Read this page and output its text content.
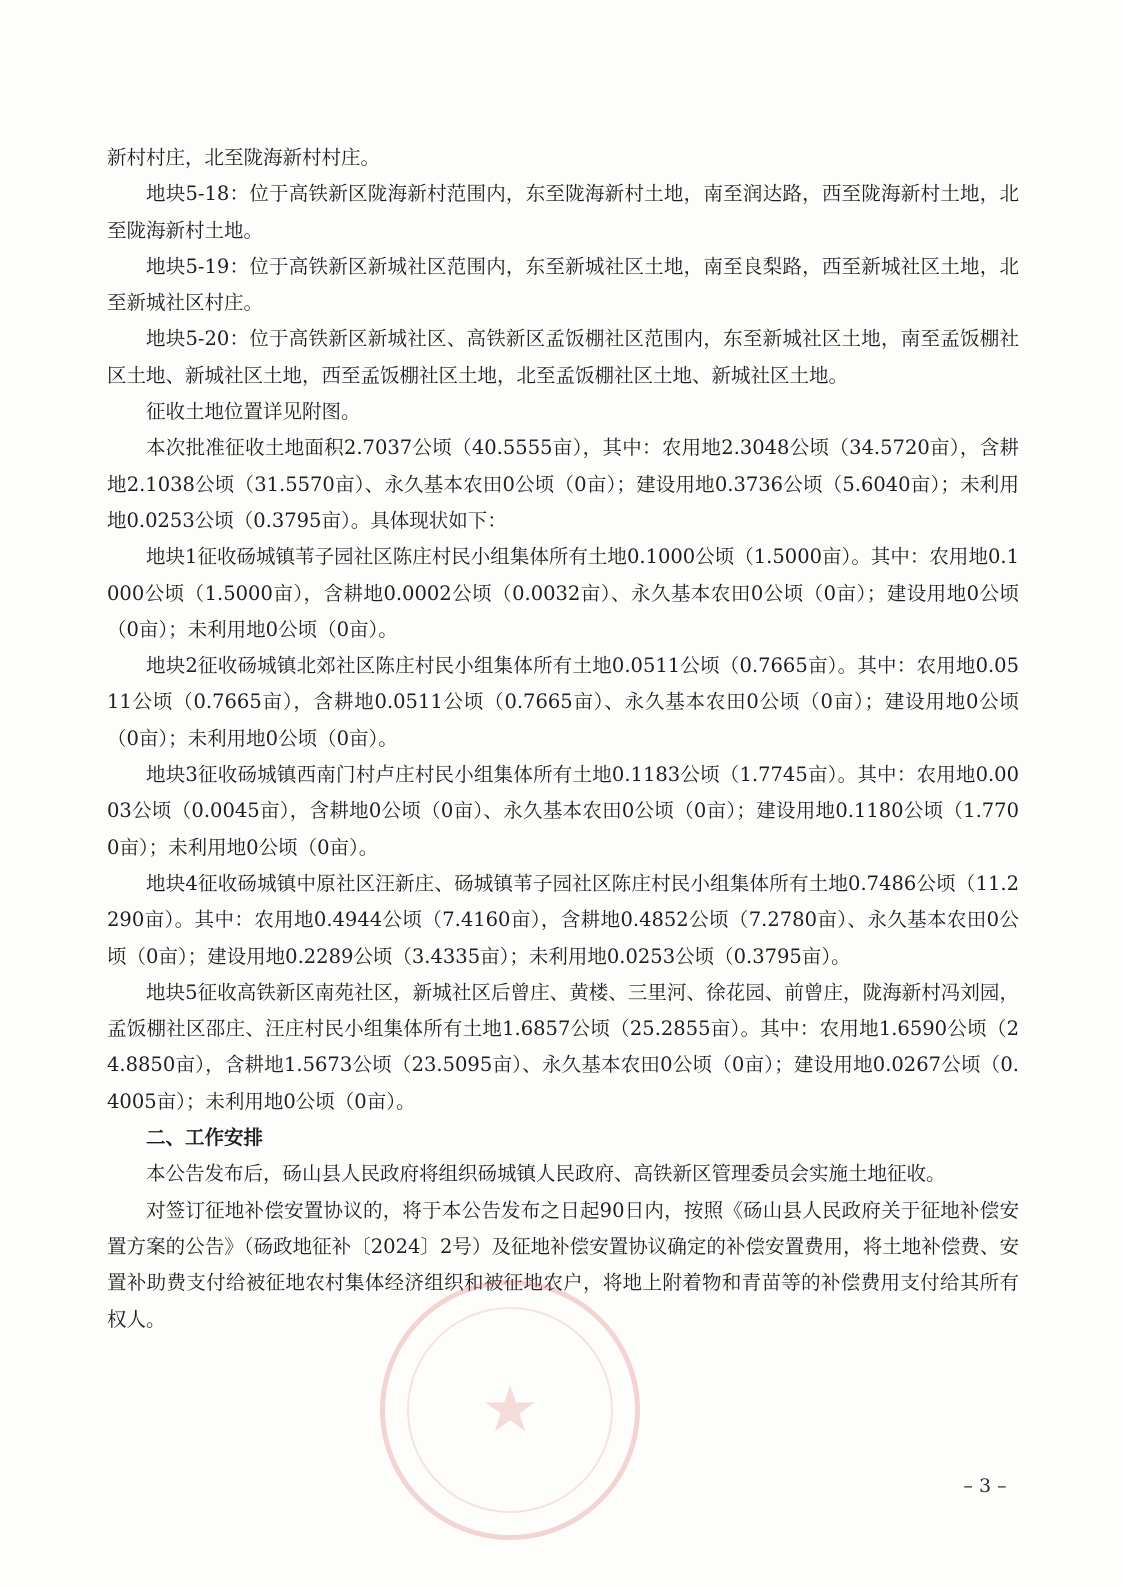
新村村庄，北至陇海新村村庄。

地块5-18：位于高铁新区陇海新村范围内，东至陇海新村土地，南至润达路，西至陇海新村土地，北至陇海新村土地。

地块5-19：位于高铁新区新城社区范围内，东至新城社区土地，南至良梨路，西至新城社区土地，北至新城社区村庄。

地块5-20：位于高铁新区新城社区、高铁新区孟饭棚社区范围内，东至新城社区土地，南至孟饭棚社区土地、新城社区土地，西至孟饭棚社区土地，北至孟饭棚社区土地、新城社区土地。

征收土地位置详见附图。

本次批准征收土地面积2.7037公顷（40.5555亩），其中：农用地2.3048公顷（34.5720亩），含耕地2.1038公顷（31.5570亩）、永久基本农田0公顷（0亩）；建设用地0.3736公顷（5.6040亩）；未利用地0.0253公顷（0.3795亩）。具体现状如下：

地块1征收砀城镇苇子园社区陈庄村民小组集体所有土地0.1000公顷（1.5000亩）。其中：农用地0.1000公顷（1.5000亩），含耕地0.0002公顷（0.0032亩）、永久基本农田0公顷（0亩）；建设用地0公顷（0亩）；未利用地0公顷（0亩）。

地块2征收砀城镇北郊社区陈庄村民小组集体所有土地0.0511公顷（0.7665亩）。其中：农用地0.0511公顷（0.7665亩），含耕地0.0511公顷（0.7665亩）、永久基本农田0公顷（0亩）；建设用地0公顷（0亩）；未利用地0公顷（0亩）。

地块3征收砀城镇西南门村卢庄村民小组集体所有土地0.1183公顷（1.7745亩）。其中：农用地0.0003公顷（0.0045亩），含耕地0公顷（0亩）、永久基本农田0公顷（0亩）；建设用地0.1180公顷（1.7700亩）；未利用地0公顷（0亩）。

地块4征收砀城镇中原社区汪新庄、砀城镇苇子园社区陈庄村民小组集体所有土地0.7486公顷（11.2290亩）。其中：农用地0.4944公顷（7.4160亩），含耕地0.4852公顷（7.2780亩）、永久基本农田0公顷（0亩）；建设用地0.2289公顷（3.4335亩）；未利用地0.0253公顷（0.3795亩）。

地块5征收高铁新区南苑社区，新城社区后曾庄、黄楼、三里河、徐花园、前曾庄，陇海新村冯刘园，孟饭棚社区邵庄、汪庄村民小组集体所有土地1.6857公顷（25.2855亩）。其中：农用地1.6590公顷（24.8850亩），含耕地1.5673公顷（23.5095亩）、永久基本农田0公顷（0亩）；建设用地0.0267公顷（0.4005亩）；未利用地0公顷（0亩）。

二、工作安排

本公告发布后，砀山县人民政府将组织砀城镇人民政府、高铁新区管理委员会实施土地征收。

对签订征地补偿安置协议的，将于本公告发布之日起90日内，按照《砀山县人民政府关于征地补偿安置方案的公告》（砀政地征补〔2024〕2号）及征地补偿安置协议确定的补偿安置费用，将土地补偿费、安置补助费支付给被征地农村集体经济组织和被征地农户，将地上附着物和青苗等的补偿费用支付给其所有权人。

★
– 3 –
